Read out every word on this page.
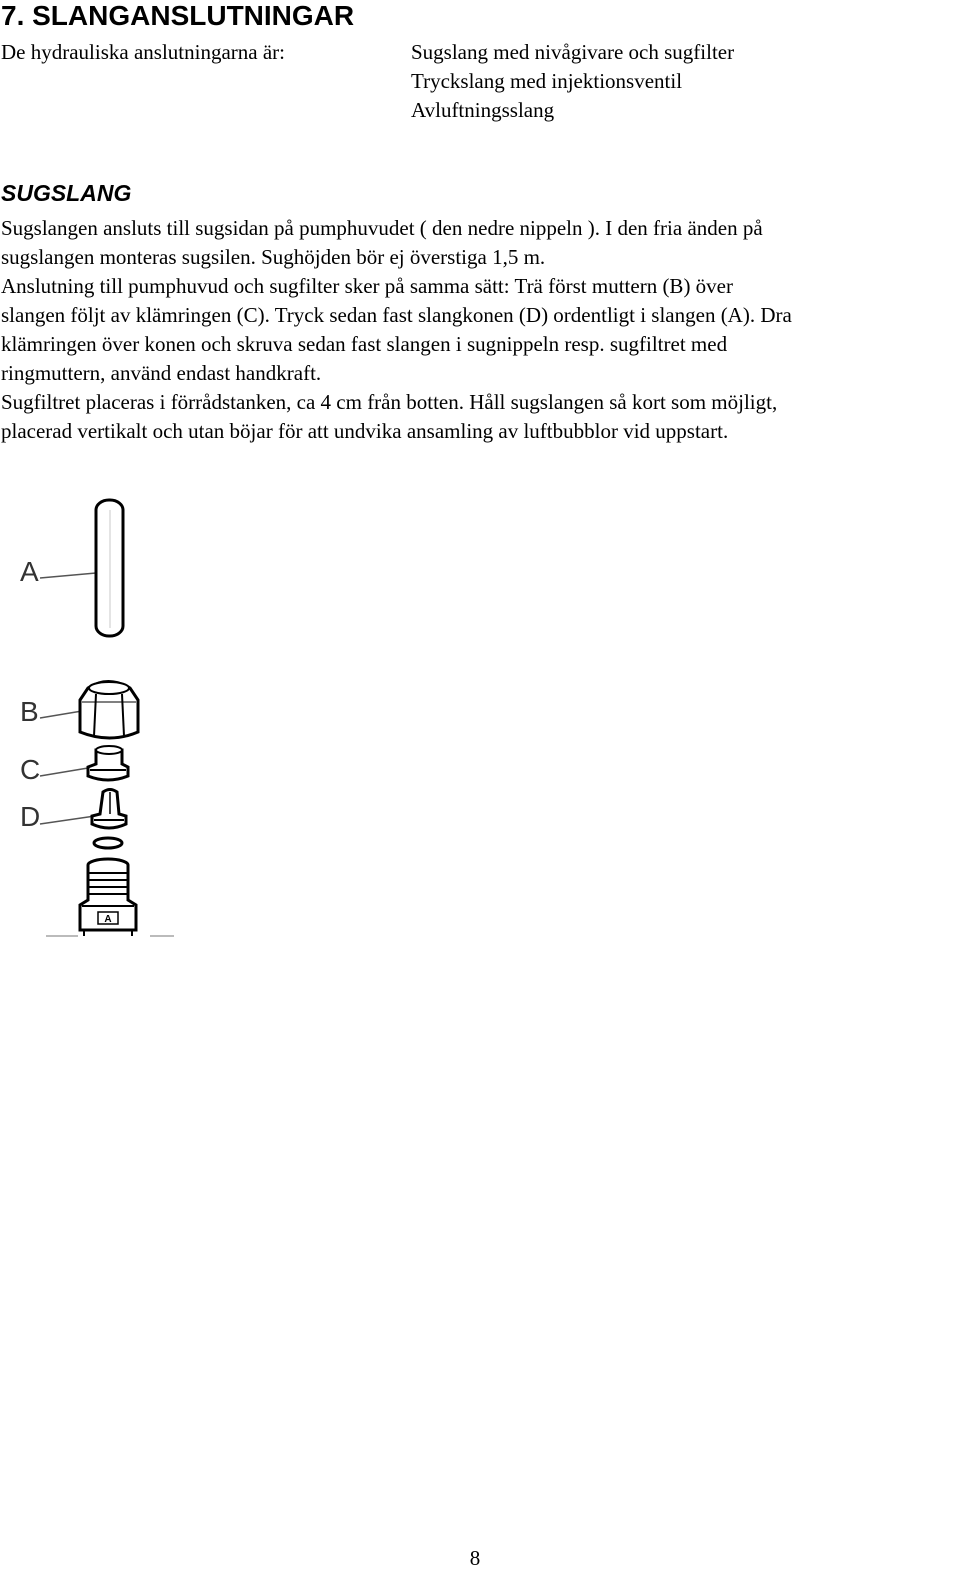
7. SLANGANSLUTNINGAR
De hydrauliska anslutningarna är:	Sugslang med nivågivare och sugfilter
Tryckslang med injektionsventil
Avluftningsslang
SUGSLANG
Sugslangen ansluts till sugsidan på pumphuvudet ( den nedre nippeln ). I den fria änden på
sugslangen monteras sugsilen. Sughöjden bör ej överstiga 1,5 m.
Anslutning till pumphuvud och sugfilter sker på samma sätt: Trä först muttern (B) över
slangen följt av klämringen (C). Tryck sedan fast slangkonen (D) ordentligt i slangen (A). Dra
klämringen över konen och skruva sedan fast slangen i sugnippeln resp. sugfiltret med
ringmuttern, använd endast handkraft.
Sugfiltret placeras i förrådstanken, ca 4 cm från botten. Håll sugslangen så kort som möjligt,
placerad vertikalt och utan böjar för att undvika ansamling av luftbubblor vid uppstart.
A
A
B
C
D
8
